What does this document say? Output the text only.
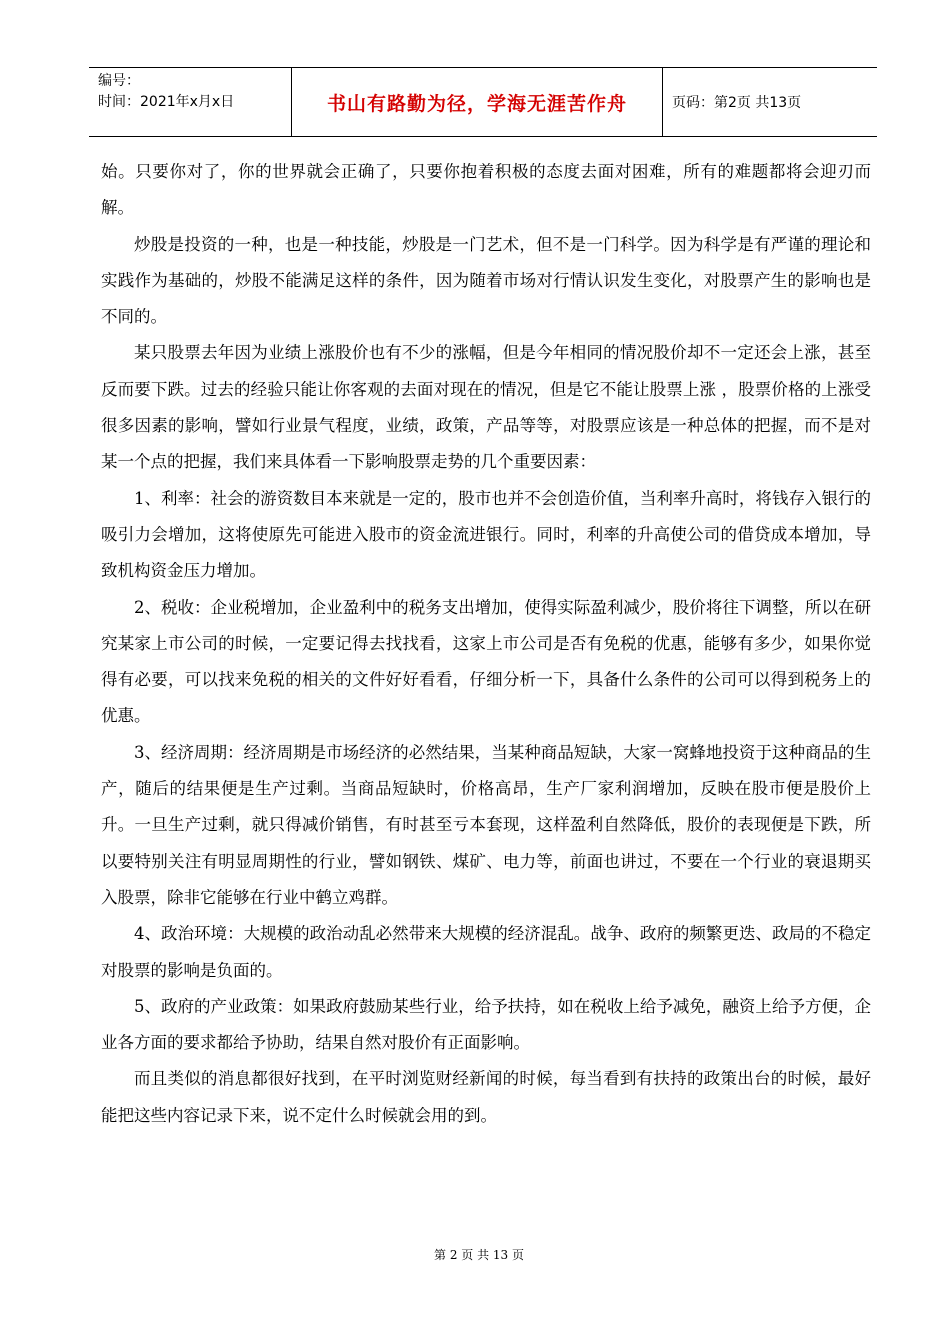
编号：
时间：2021年x月x日	书山有路勤为径，学海无涯苦作舟	页码：第2页 共13页

始。只要你对了，你的世界就会正确了，只要你抱着积极的态度去面对困难，所有的难题都将会迎刃而解。

炒股是投资的一种，也是一种技能，炒股是一门艺术，但不是一门科学。因为科学是有严谨的理论和实践作为基础的，炒股不能满足这样的条件，因为随着市场对行情认识发生变化，对股票产生的影响也是不同的。

某只股票去年因为业绩上涨股价也有不少的涨幅，但是今年相同的情况股价却不一定还会上涨，甚至反而要下跌。过去的经验只能让你客观的去面对现在的情况，但是它不能让股票上涨 ，股票价格的上涨受很多因素的影响，譬如行业景气程度，业绩，政策，产品等等，对股票应该是一种总体的把握，而不是对某一个点的把握，我们来具体看一下影响股票走势的几个重要因素：

1、利率：社会的游资数目本来就是一定的，股市也并不会创造价值，当利率升高时，将钱存入银行的吸引力会增加，这将使原先可能进入股市的资金流进银行。同时，利率的升高使公司的借贷成本增加，导致机构资金压力增加。

2、税收：企业税增加，企业盈利中的税务支出增加，使得实际盈利减少，股价将往下调整，所以在研究某家上市公司的时候，一定要记得去找找看，这家上市公司是否有免税的优惠，能够有多少，如果你觉得有必要，可以找来免税的相关的文件好好看看，仔细分析一下，具备什么条件的公司可以得到税务上的优惠。

3、经济周期：经济周期是市场经济的必然结果，当某种商品短缺，大家一窝蜂地投资于这种商品的生产，随后的结果便是生产过剩。当商品短缺时，价格高昂，生产厂家利润增加，反映在股市便是股价上升。一旦生产过剩，就只得减价销售，有时甚至亏本套现，这样盈利自然降低，股价的表现便是下跌，所以要特别关注有明显周期性的行业，譬如钢铁、煤矿、电力等，前面也讲过，不要在一个行业的衰退期买入股票，除非它能够在行业中鹤立鸡群。

4、政治环境：大规模的政治动乱必然带来大规模的经济混乱。战争、政府的频繁更迭、政局的不稳定对股票的影响是负面的。

5、政府的产业政策：如果政府鼓励某些行业，给予扶持，如在税收上给予减免，融资上给予方便，企业各方面的要求都给予协助，结果自然对股价有正面影响。

而且类似的消息都很好找到，在平时浏览财经新闻的时候，每当看到有扶持的政策出台的时候，最好能把这些内容记录下来，说不定什么时候就会用的到。

第 2 页 共 13 页
